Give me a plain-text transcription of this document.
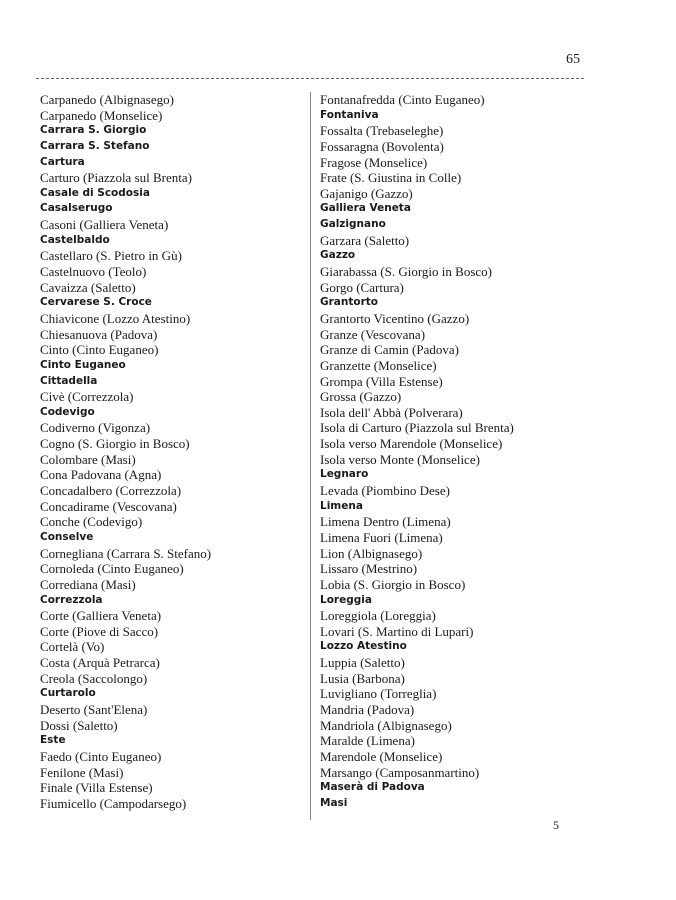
65
Carpanedo (Albignasego)
Carpanedo (Monselice)
Carrara S. Giorgio
Carrara S. Stefano
Cartura
Carturo (Piazzola sul Brenta)
Casale di Scodosia
Casalserugo
Casoni (Galliera Veneta)
Castelbaldo
Castellaro (S. Pietro in Gù)
Castelnuovo (Teolo)
Cavaizza (Saletto)
Cervarese S. Croce
Chiavicone (Lozzo Atestino)
Chiesanuova (Padova)
Cinto (Cinto Euganeo)
Cinto Euganeo
Cittadella
Civè (Correzzola)
Codevigo
Codiverno (Vigonza)
Cogno (S. Giorgio in Bosco)
Colombare (Masi)
Cona Padovana (Agna)
Concadalbero (Correzzola)
Concadirame (Vescovana)
Conche (Codevigo)
Conselve
Cornegliana (Carrara S. Stefano)
Cornoleda (Cinto Euganeo)
Corrediana (Masi)
Correzzola
Corte (Galliera Veneta)
Corte (Piove di Sacco)
Cortelà (Vo)
Costa (Arquà Petrarca)
Creola (Saccolongo)
Curtarolo
Deserto (Sant'Elena)
Dossi (Saletto)
Este
Faedo (Cinto Euganeo)
Fenilone (Masi)
Finale (Villa Estense)
Fiumicello (Campodarsego)
Fontanafredda (Cinto Euganeo)
Fontaniva
Fossalta (Trebaseleghe)
Fossaragna (Bovolenta)
Fragose (Monselice)
Frate (S. Giustina in Colle)
Gajanigo (Gazzo)
Galliera Veneta
Galzignano
Garzara (Saletto)
Gazzo
Giarabassa (S. Giorgio in Bosco)
Gorgo (Cartura)
Grantorto
Grantorto Vicentino (Gazzo)
Granze (Vescovana)
Granze di Camin (Padova)
Granzette (Monselice)
Grompa (Villa Estense)
Grossa (Gazzo)
Isola dell' Abbà (Polverara)
Isola di Carturo (Piazzola sul Brenta)
Isola verso Marendole (Monselice)
Isola verso Monte (Monselice)
Legnaro
Levada (Piombino Dese)
Limena
Limena Dentro (Limena)
Limena Fuori (Limena)
Lion (Albignasego)
Lissaro (Mestrino)
Lobia (S. Giorgio in Bosco)
Loreggia
Loreggiola (Loreggia)
Lovari (S. Martino di Lupari)
Lozzo Atestino
Luppia (Saletto)
Lusia (Barbona)
Luvigliano (Torreglia)
Mandria (Padova)
Mandriola (Albignasego)
Maralde (Limena)
Marendole (Monselice)
Marsango (Camposanmartino)
Maserà di Padova
Masi
5
